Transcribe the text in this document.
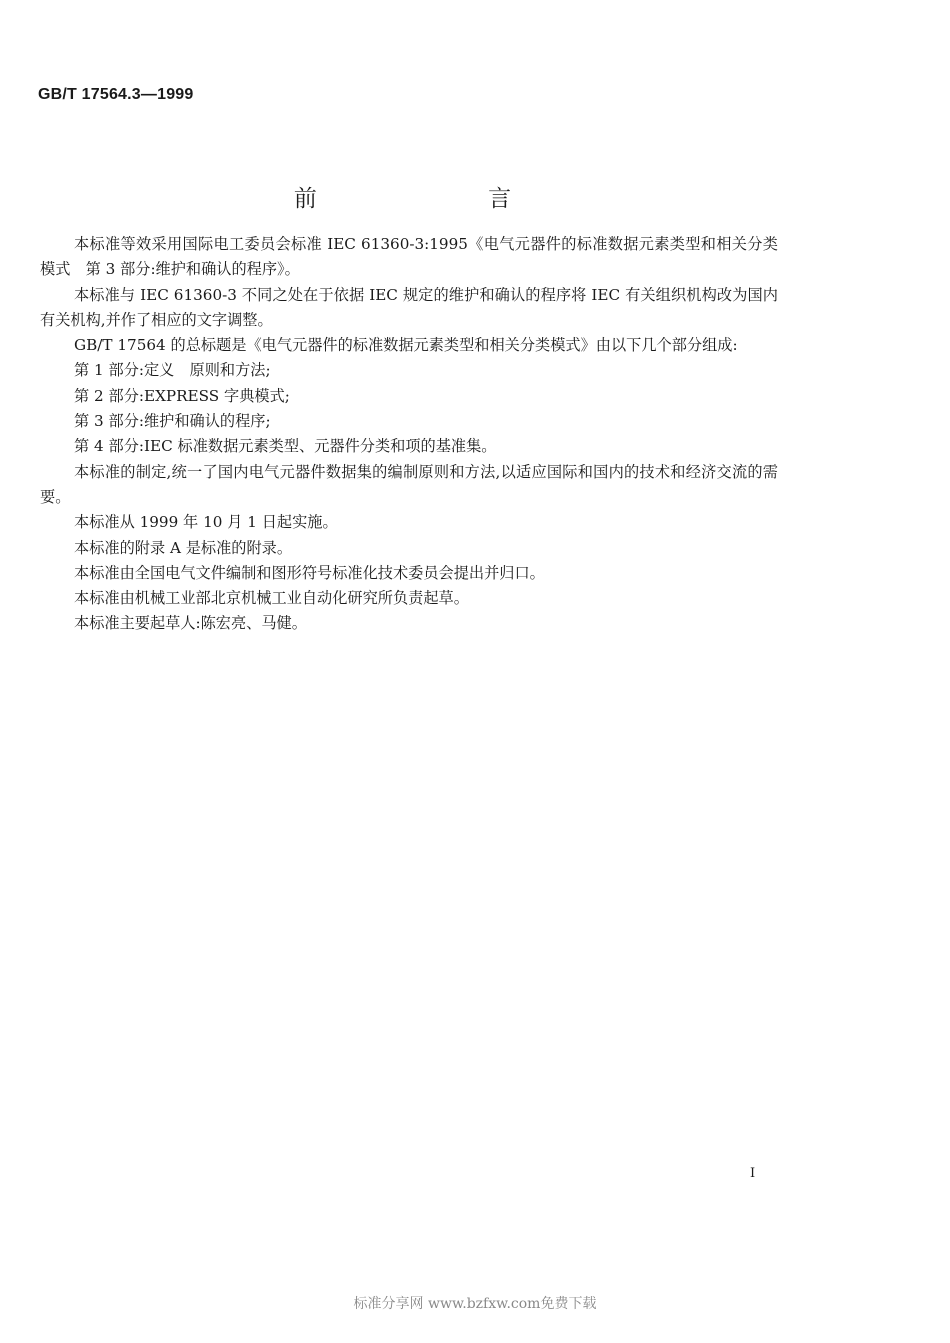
GB/T 17564.3—1999
前 言

本标准等效采用国际电工委员会标准 IEC 61360-3:1995《电气元器件的标准数据元素类型和相关分类模式　第 3 部分:维护和确认的程序》。

本标准与 IEC 61360-3 不同之处在于依据 IEC 规定的维护和确认的程序将 IEC 有关组织机构改为国内有关机构,并作了相应的文字调整。

GB/T 17564 的总标题是《电气元器件的标准数据元素类型和相关分类模式》由以下几个部分组成:

第 1 部分:定义　原则和方法;

第 2 部分:EXPRESS 字典模式;

第 3 部分:维护和确认的程序;

第 4 部分:IEC 标准数据元素类型、元器件分类和项的基准集。

本标准的制定,统一了国内电气元器件数据集的编制原则和方法,以适应国际和国内的技术和经济交流的需要。

本标准从 1999 年 10 月 1 日起实施。

本标准的附录 A 是标准的附录。

本标准由全国电气文件编制和图形符号标准化技术委员会提出并归口。

本标准由机械工业部北京机械工业自动化研究所负责起草。

本标准主要起草人:陈宏亮、马健。

I
标准分享网 www.bzfxw.com免费下载
